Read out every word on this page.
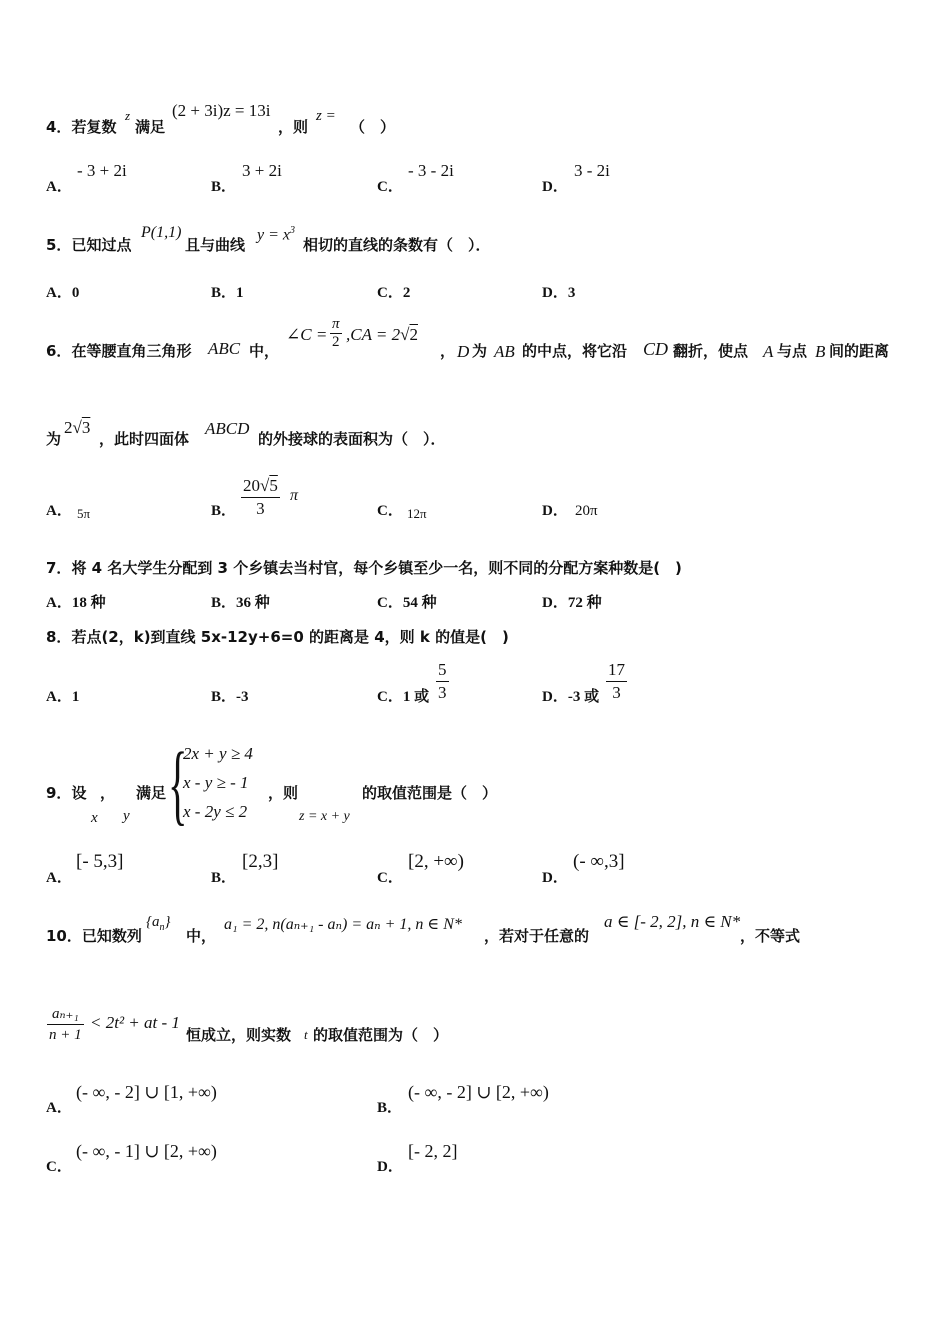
4．若复数
z
满足
(2 + 3i)z = 13i
，则
z =
（　）
A．
- 3 + 2i
B．
3 + 2i
C．
- 3 - 2i
D．
3 - 2i
5．已知过点
P(1,1)
且与曲线
$y = x^3$
相切的直线的条数有（　）．
A．0	B．1	C．2	D．3
6．在等腰直角三角形 ABC 中，
∠C = $\frac{\pi}{2} ,CA = 2√2$
， D 为 AB 的中点，将它沿 CD 翻折，使点 A 与点 B 间的距离
为
2√3
，此时四面体
ABCD
的外接球的表面积为（　）．
A． 5π	B． $\frac{20√5}{3}$ π
C． 12π	D． 20π
7．将 4 名大学生分配到 3 个乡镇去当村官，每个乡镇至少一名，则不同的分配方案种数是(　)
A．18 种	B．36 种	C．54 种	D．72 种
8．若点(2，k)到直线 5x-12y+6=0 的距离是 4，则 k 的值是(　)
A．1	B．-3	C．1 或 $\frac{5}{3}$	D．-3 或 $\frac{17}{3}$
9．设 ， 满足
x y {
2x + y ≥ 4
x - y ≥ - 1
x - 2y ≤ 2
，则	的取值范围是（　）
z = x + y
A．
[- 5,3]
B．
[2,3]
C．
[2, +∞)
D．
(- ∞,3]
10．已知数列
$\{a_n\}$
中，
a₁ = 2, n(aₙ₊₁ - aₙ) = aₙ + 1, n ∈ N*
，若对于任意的
a ∈ [- 2, 2], n ∈ N*
，不等式
$\frac{\text{aₙ₊₁}}{n + 1} < 2t^2$ + at - 1
恒成立，则实数 t 的取值范围为（　）
A．
(- ∞, - 2] ∪ [1, +∞)
B．
(- ∞, - 2] ∪ [2, +∞)
C．
(- ∞, - 1] ∪ [2, +∞)
D．
[- 2, 2]
